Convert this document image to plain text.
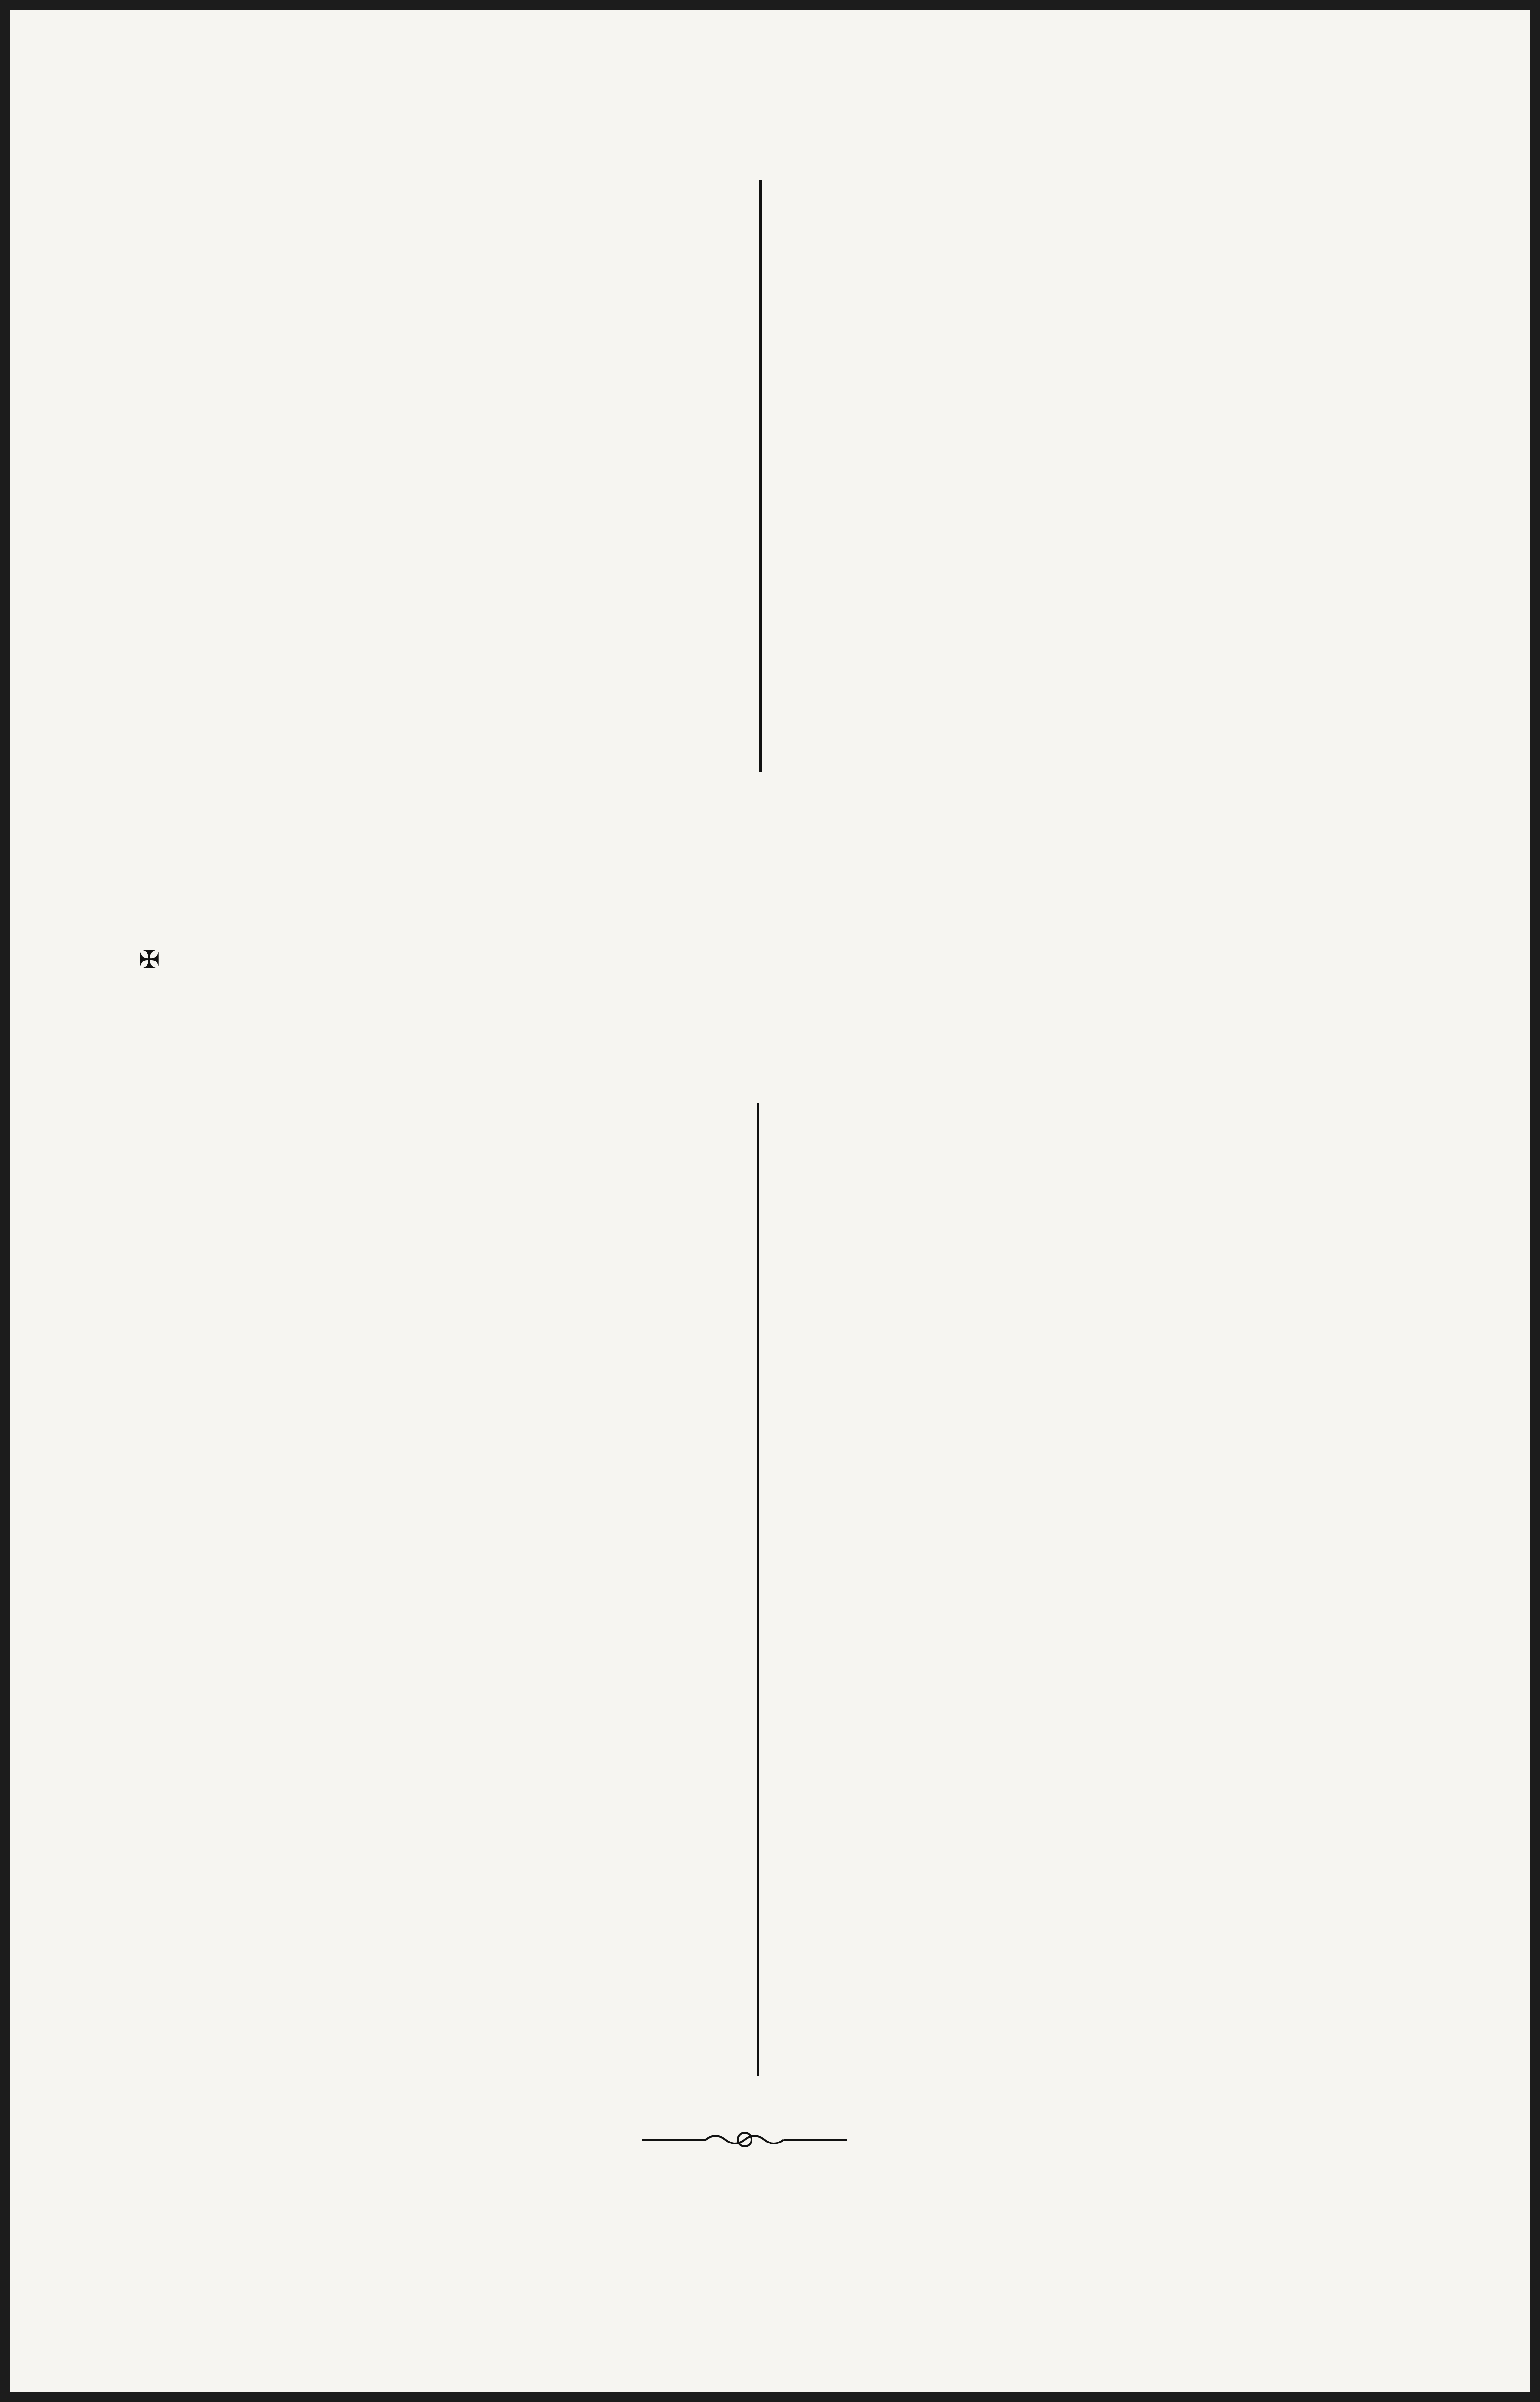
✠
